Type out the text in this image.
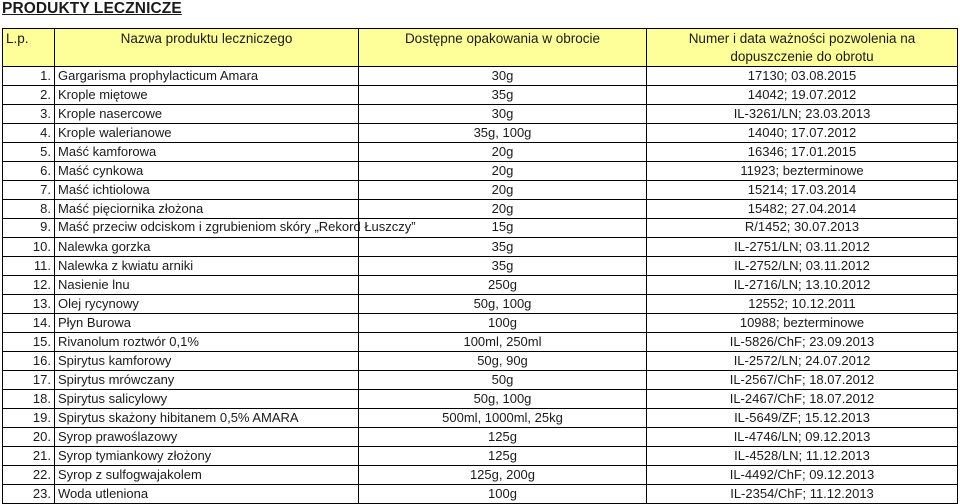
PRODUKTY LECZNICZE
L.p.	Nazwa produktu leczniczego	Dostępne opakowania w obrocie	Numer i data ważności pozwolenia na dopuszczenie do obrotu
1.	Gargarisma prophylacticum Amara	30g	17130; 03.08.2015
2.	Krople miętowe	35g	14042; 19.07.2012
3.	Krople nasercowe	30g	IL-3261/LN; 23.03.2013
4.	Krople walerianowe	35g, 100g	14040; 17.07.2012
5.	Maść kamforowa	20g	16346; 17.01.2015
6.	Maść cynkowa	20g	11923; bezterminowe
7.	Maść ichtiolowa	20g	15214; 17.03.2014
8.	Maść pięciornika złożona	20g	15482; 27.04.2014
9.	Maść przeciw odciskom i zgrubieniom skóry „Rekord Łuszczy”	15g	R/1452; 30.07.2013
10.	Nalewka gorzka	35g	IL-2751/LN; 03.11.2012
11.	Nalewka z kwiatu arniki	35g	IL-2752/LN; 03.11.2012
12.	Nasienie lnu	250g	IL-2716/LN; 13.10.2012
13.	Olej rycynowy	50g, 100g	12552; 10.12.2011
14.	Płyn Burowa	100g	10988; bezterminowe
15.	Rivanolum roztwór 0,1%	100ml, 250ml	IL-5826/ChF; 23.09.2013
16.	Spirytus kamforowy	50g, 90g	IL-2572/LN; 24.07.2012
17.	Spirytus mrówczany	50g	IL-2567/ChF; 18.07.2012
18.	Spirytus salicylowy	50g, 100g	IL-2467/ChF; 18.07.2012
19.	Spirytus skażony hibitanem 0,5% AMARA	500ml, 1000ml, 25kg	IL-5649/ZF; 15.12.2013
20.	Syrop prawoślazowy	125g	IL-4746/LN; 09.12.2013
21.	Syrop tymiankowy złożony	125g	IL-4528/LN; 11.12.2013
22.	Syrop z sulfogwajakolem	125g, 200g	IL-4492/ChF; 09.12.2013
23.	Woda utleniona	100g	IL-2354/ChF; 11.12.2013
